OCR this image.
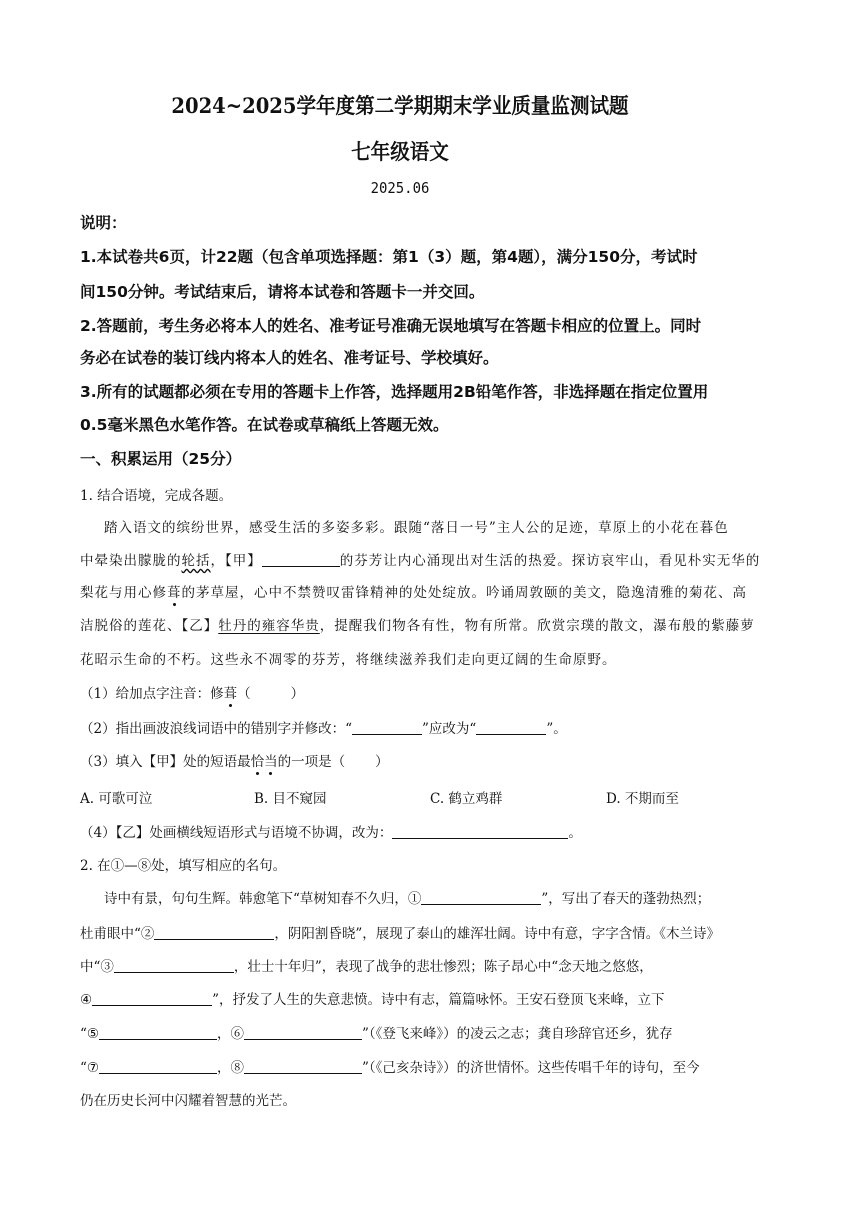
2024~2025学年度第二学期期末学业质量监测试题
七年级语文
2025.06
说明：
1.本试卷共6页，计22题（包含单项选择题：第1（3）题，第4题），满分150分，考试时
间150分钟。考试结束后，请将本试卷和答题卡一并交回。
2.答题前，考生务必将本人的姓名、准考证号准确无误地填写在答题卡相应的位置上。同时
务必在试卷的装订线内将本人的姓名、准考证号、学校填好。
3.所有的试题都必须在专用的答题卡上作答，选择题用2B铅笔作答，非选择题在指定位置用
0.5毫米黑色水笔作答。在试卷或草稿纸上答题无效。
一、积累运用（25分）
1. 结合语境，完成各题。
踏入语文的缤纷世界，感受生活的多姿多彩。跟随“落日一号”主人公的足迹，草原上的小花在暮色
中晕染出朦胧的轮括，【甲】	的芬芳让内心涌现出对生活的热爱。探访哀牢山，看见朴实无华的
梨花与用心修葺的茅草屋，心中不禁赞叹雷锋精神的处处绽放。吟诵周敦颐的美文，隐逸清雅的菊花、高
洁脱俗的莲花、【乙】牡丹的雍容华贵，提醒我们物各有性，物有所常。欣赏宗璞的散文，瀑布般的紫藤萝
花昭示生命的不朽。这些永不凋零的芬芳，将继续滋养我们走向更辽阔的生命原野。
（1）给加点字注音：修葺（	）
（2）指出画波浪线词语中的错别字并修改：“	”应改为“	”。
（3）填入【甲】处的短语最恰当的一项是（ ）
A. 可歌可泣	B. 目不窥园	C. 鹤立鸡群	D. 不期而至
（4）【乙】处画横线短语形式与语境不协调，改为：	。
2. 在①—⑧处，填写相应的名句。
诗中有景，句句生辉。韩愈笔下“草树知春不久归，①	”，写出了春天的蓬勃热烈；
杜甫眼中“②	，阴阳割昏晓”，展现了泰山的雄浑壮阔。诗中有意，字字含情。《木兰诗》
中“③	，壮士十年归”，表现了战争的悲壮惨烈；陈子昂心中“念天地之悠悠，
④	”，抒发了人生的失意悲愤。诗中有志，篇篇咏怀。王安石登顶飞来峰，立下
“⑤	，⑥	”（《登飞来峰》）的凌云之志；龚自珍辞官还乡，犹存
“⑦	，⑧	”（《己亥杂诗》）的济世情怀。这些传唱千年的诗句，至今
仍在历史长河中闪耀着智慧的光芒。
